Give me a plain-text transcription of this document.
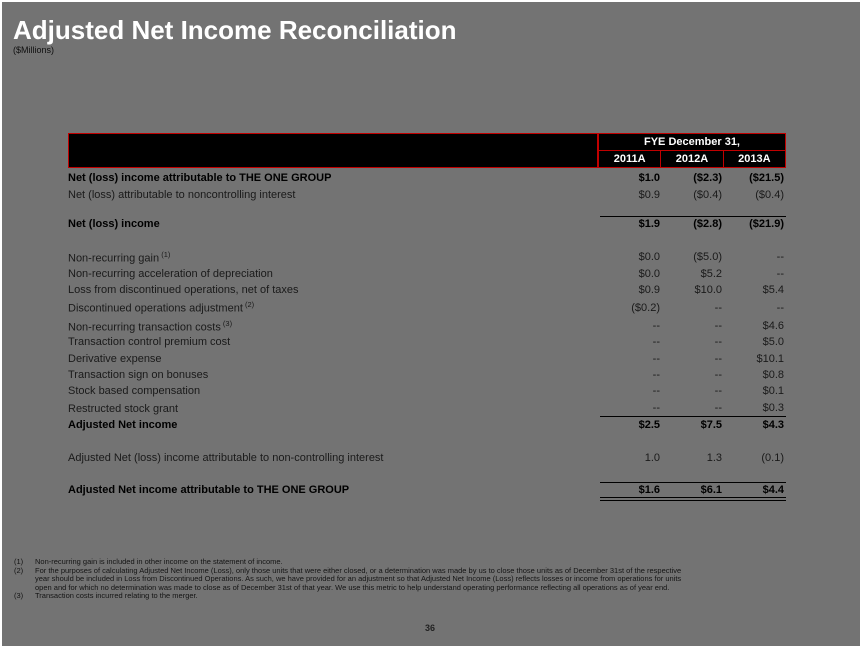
Adjusted Net Income Reconciliation
($Millions)
FYE December 31,
2011A	2012A	2013A
Net (loss) income attributable to THE ONE GROUP	$1.0	($2.3)	($21.5)
Net (loss) attributable to noncontrolling interest	$0.9	($0.4)	($0.4)
Net (loss) income	$1.9	($2.8)	($21.9)
Non-recurring gain $^{(1)}$	$0.0	($5.0)	--
Non-recurring acceleration of depreciation	$0.0	$5.2	--
Loss from discontinued operations, net of taxes	$0.9	$10.0	$5.4
Discontinued operations adjustment $^{(2)}$	($0.2)	--	--
Non-recurring transaction costs $^{(3)}$	--	--	$4.6
Transaction control premium cost	--	--	$5.0
Derivative expense	--	--	$10.1
Transaction sign on bonuses	--	--	$0.8
Stock based compensation	--	--	$0.1
Restructed stock grant	--	--	$0.3
Adjusted Net income	$2.5	$7.5	$4.3
Adjusted Net (loss) income attributable to non-controlling interest	1.0	1.3	(0.1)
Adjusted Net income attributable to THE ONE GROUP	$1.6	$6.1	$4.4
(1)	Non-recurring gain is included in other income on the statement of income.
(2)	For the purposes of calculating Adjusted Net Income (Loss), only those units that were either closed, or a determination was made by us to close those units as of December 31st of the respective year should be included in Loss from Discontinued Operations. As such, we have provided for an adjustment so that Adjusted Net Income (Loss) reflects losses or income from operations for units open and for which no determination was made to close as of December 31st of that year. We use this metric to help understand operating performance reflecting all operations as of year end.
(3)	Transaction costs incurred relating to the merger.
36
